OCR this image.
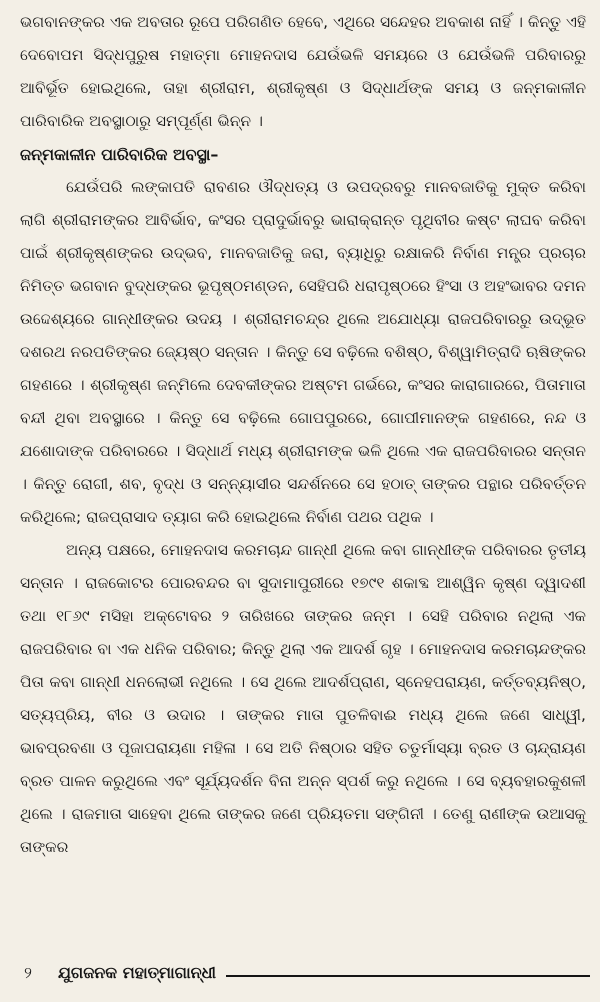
ଭଗବାନଙ୍କର ଏକ ଅବତାର ରୂପେ ପରିଗଣିତ ହେବେ, ଏଥିରେ ସନ୍ଦେହର ଅବକାଶ ନାହିଁ । କିନ୍ତୁ ଏହି ଦେବୋପମ ସିଦ୍ଧପୁରୁଷ ମହାତ୍ମା ମୋହନଦାସ ଯେଉଁଭଳି ସମୟରେ ଓ ଯେଉଁଭଳି ପରିବାରରୁ ଆବିର୍ଭୂତ ହୋଇଥିଲେ, ତାହା ଶ୍ରୀରାମ, ଶ୍ରୀକୃଷ୍ଣ ଓ ସିଦ୍ଧାର୍ଥଙ୍କ ସମୟ ଓ ଜନ୍ମକାଳୀନ ପାରିବାରିକ ଅବସ୍ଥାଠାରୁ ସମ୍ପୂର୍ଣ୍ଣ ଭିନ୍ନ ।

ଜନ୍ମକାଳୀନ ପାରିବାରିକ ଅବସ୍ଥା–

ଯେଉଁପରି ଲଙ୍କାପତି ରାବଣର ଔଦ୍ଧତ୍ୟ ଓ ଉପଦ୍ରବରୁ ମାନବଜାତିକୁ ମୁକ୍ତ କରିବା ଲାଗି ଶ୍ରୀରାମଙ୍କର ଆବିର୍ଭାବ, କଂସର ପ୍ରାଦୁର୍ଭାବରୁ ଭାରାକ୍ରାନ୍ତ ପୃଥିବୀର କଷ୍ଟ ଲାଘବ କରିବା ପାଇଁ ଶ୍ରୀକୃଷ୍ଣଙ୍କର ଉଦ୍ଭବ, ମାନବଜାତିକୁ ଜରା, ବ୍ୟାଧିରୁ ରକ୍ଷାକରି ନିର୍ବାଣ ମନ୍ତ୍ର ପ୍ରଚାର ନିମିତ୍ତ ଭଗବାନ ବୁଦ୍ଧଙ୍କର ଭୂପୃଷ୍ଠମଣ୍ଡନ, ସେହିପରି ଧରାପୃଷ୍ଠରେ ହିଂସା ଓ ଅହଂଭାବର ଦମନ ଉଦ୍ଦେଶ୍ୟରେ ଗାନ୍ଧୀଙ୍କର ଉଦୟ । ଶ୍ରୀରାମଚନ୍ଦ୍ର ଥିଲେ ଅଯୋଧ୍ୟା ରାଜପରିବାରରୁ ଉଦ୍ଭୂତ ଦଶରଥ ନରପତିଙ୍କର ଜ୍ୟେଷ୍ଠ ସନ୍ତାନ । କିନ୍ତୁ ସେ ବଢ଼ିଲେ ବଶିଷ୍ଠ, ବିଶ୍ୱାମିତ୍ରାଦି ଋଷିଙ୍କର ଗହଣରେ । ଶ୍ରୀକୃଷ୍ଣ ଜନ୍ମିଲେ ଦେବକୀଙ୍କର ଅଷ୍ଟମ ଗର୍ଭରେ, କଂସର କାରାଗାରରେ, ପିତାମାତା ବନ୍ଦୀ ଥିବା ଅବସ୍ଥାରେ । କିନ୍ତୁ ସେ ବଢ଼ିଲେ ଗୋପପୁରରେ, ଗୋପୀମାନଙ୍କ ଗହଣରେ, ନନ୍ଦ ଓ ଯଶୋଦାଙ୍କ ପରିବାରରେ । ସିଦ୍ଧାର୍ଥ ମଧ୍ୟ ଶ୍ରୀରାମଙ୍କ ଭଳି ଥିଲେ ଏକ ରାଜପରିବାରର ସନ୍ତାନ । କିନ୍ତୁ ରୋଗୀ, ଶବ, ବୃଦ୍ଧ ଓ ସନ୍ନ୍ୟାସୀର ସନ୍ଦର୍ଶନରେ ସେ ହଠାତ୍ ତାଙ୍କର ପନ୍ଥାର ପରିବର୍ତ୍ତନ କରିଥିଲେ; ରାଜପ୍ରାସାଦ ତ୍ୟାଗ କରି ହୋଇଥିଲେ ନିର୍ବାଣ ପଥର ପଥିକ ।

ଅନ୍ୟ ପକ୍ଷରେ, ମୋହନଦାସ କରମଚାନ୍ଦ ଗାନ୍ଧୀ ଥିଲେ କବା ଗାନ୍ଧୀଙ୍କ ପରିବାରର ତୃତୀୟ ସନ୍ତାନ । ରାଜକୋଟର ପୋରବନ୍ଦର ବା ସୁଦାମାପୁରୀରେ ୧୭୯୧ ଶକାବ୍ଦ ଆଶ୍ୱିନ କୃଷ୍ଣ ଦ୍ୱାଦଶୀ ତଥା ୧୮୬୯ ମସିହା ଅକ୍ଟୋବର ୨ ତାରିଖରେ ତାଙ୍କର ଜନ୍ମ । ସେହି ପରିବାର ନଥିଲା ଏକ ରାଜପରିବାର ବା ଏକ ଧନିକ ପରିବାର; କିନ୍ତୁ ଥିଲା ଏକ ଆଦର୍ଶ ଗୃହ । ମୋହନଦାସ କରମଚାନ୍ଦଙ୍କର ପିତା କବା ଗାନ୍ଧୀ ଧନଲୋଭୀ ନଥିଲେ । ସେ ଥିଲେ ଆଦର୍ଶପ୍ରାଣ, ସ୍ନେହପରାୟଣ, କର୍ତ୍ତବ୍ୟନିଷ୍ଠ, ସତ୍ୟପ୍ରିୟ, ବୀର ଓ ଉଦାର । ତାଙ୍କର ମାତା ପୁତଳିବାଈ ମଧ୍ୟ ଥିଲେ ଜଣେ ସାଧ୍ୱୀ, ଭାବପ୍ରବଣା ଓ ପୂଜାପରାୟଣା ମହିଳା । ସେ ଅତି ନିଷ୍ଠାର ସହିତ ଚତୁର୍ମାସ୍ୟା ବ୍ରତ ଓ ଚାନ୍ଦ୍ରାୟଣ ବ୍ରତ ପାଳନ କରୁଥିଲେ ଏବଂ ସୂର୍ଯ୍ୟଦର୍ଶନ ବିନା ଅନ୍ନ ସ୍ପର୍ଶ କରୁ ନଥିଲେ । ସେ ବ୍ୟବହାରକୁଶଳୀ ଥିଲେ । ରାଜମାତା ସାହେବା ଥିଲେ ତାଙ୍କର ଜଣେ ପ୍ରିୟତମା ସଙ୍ଗିନୀ । ତେଣୁ ରାଣୀଙ୍କ ଉଆସକୁ ତାଙ୍କର

୨	ଯୁଗଜନକ ମହାତ୍ମାଗାନ୍ଧୀ
